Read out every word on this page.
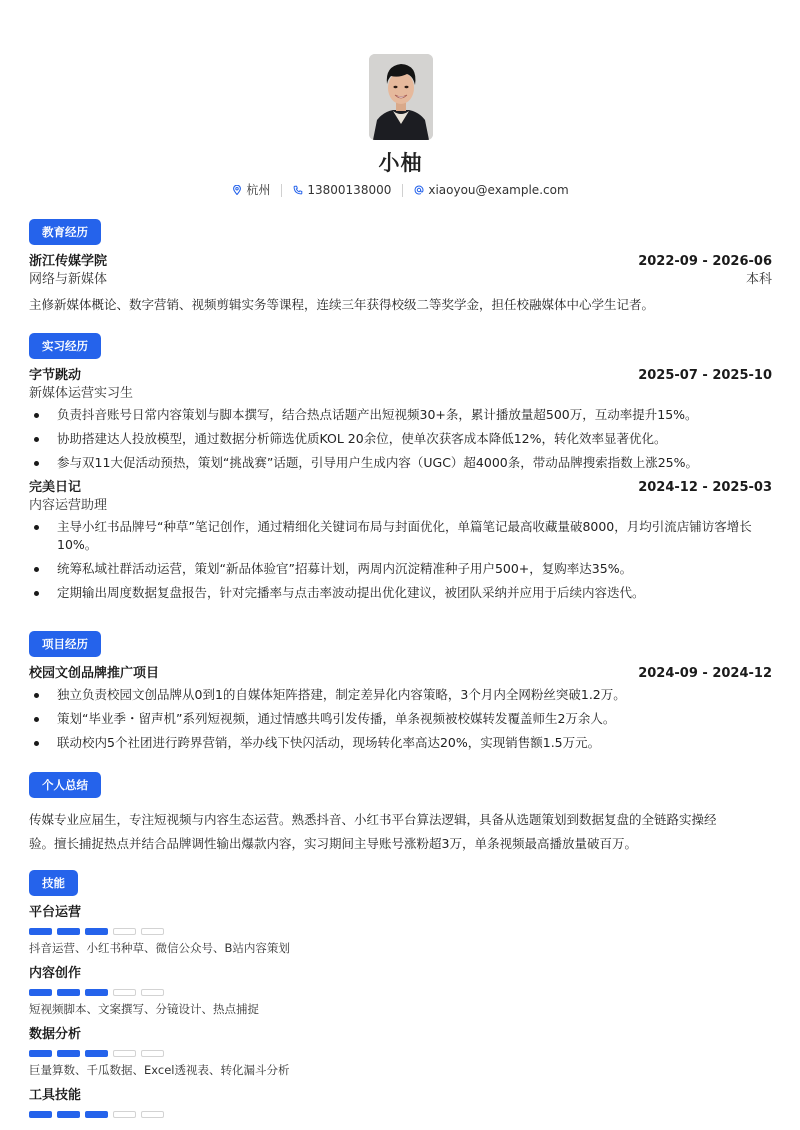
小柚
杭州	13800138000	xiaoyou@example.com
教育经历
浙江传媒学院	2022-09 - 2026-06
网络与新媒体	本科
主修新媒体概论、数字营销、视频剪辑实务等课程，连续三年获得校级二等奖学金，担任校融媒体中心学生记者。
实习经历
字节跳动	2025-07 - 2025-10
新媒体运营实习生
负责抖音账号日常内容策划与脚本撰写，结合热点话题产出短视频30+条，累计播放量超500万，互动率提升15%。
协助搭建达人投放模型，通过数据分析筛选优质KOL 20余位，使单次获客成本降低12%，转化效率显著优化。
参与双11大促活动预热，策划“挑战赛”话题，引导用户生成内容（UGC）超4000条，带动品牌搜索指数上涨25%。
完美日记	2024-12 - 2025-03
内容运营助理
主导小红书品牌号“种草”笔记创作，通过精细化关键词布局与封面优化，单篇笔记最高收藏量破8000，月均引流店铺访客增长10%。
统筹私域社群活动运营，策划“新品体验官”招募计划，两周内沉淀精准种子用户500+，复购率达35%。
定期输出周度数据复盘报告，针对完播率与点击率波动提出优化建议，被团队采纳并应用于后续内容迭代。
项目经历
校园文创品牌推广项目	2024-09 - 2024-12
独立负责校园文创品牌从0到1的自媒体矩阵搭建，制定差异化内容策略，3个月内全网粉丝突破1.2万。
策划“毕业季・留声机”系列短视频，通过情感共鸣引发传播，单条视频被校媒转发覆盖师生2万余人。
联动校内5个社团进行跨界营销，举办线下快闪活动，现场转化率高达20%，实现销售额1.5万元。
个人总结
传媒专业应届生，专注短视频与内容生态运营。熟悉抖音、小红书平台算法逻辑，具备从选题策划到数据复盘的全链路实操经
验。擅长捕捉热点并结合品牌调性输出爆款内容，实习期间主导账号涨粉超3万，单条视频最高播放量破百万。
技能
平台运营
抖音运营、小红书种草、微信公众号、B站内容策划
内容创作
短视频脚本、文案撰写、分镜设计、热点捕捉
数据分析
巨量算数、千瓜数据、Excel透视表、转化漏斗分析
工具技能
